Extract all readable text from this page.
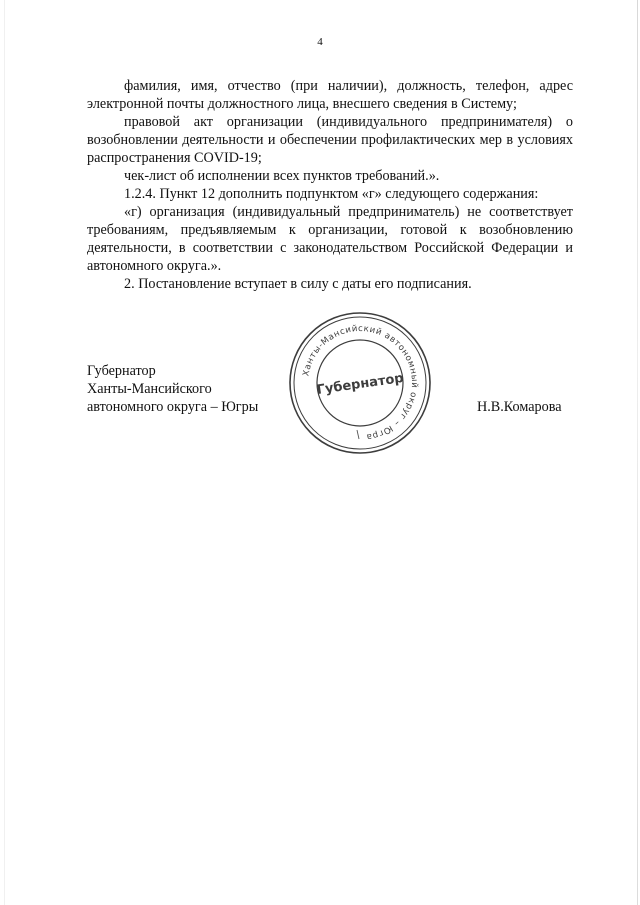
4

фамилия, имя, отчество (при наличии), должность, телефон, адрес электронной почты должностного лица, внесшего сведения в Систему;

правовой акт организации (индивидуального предпринимателя) о возобновлении деятельности и обеспечении профилактических мер в условиях распространения COVID-19;

чек-лист об исполнении всех пунктов требований.».

1.2.4. Пункт 12 дополнить подпунктом «г» следующего содержания:

«г) организация (индивидуальный предприниматель) не соответствует требованиям, предъявляемым к организации, готовой к возобновлению деятельности, в соответствии с законодательством Российской Федерации и автономного округа.».

2. Постановление вступает в силу с даты его подписания.

Губернатор
Ханты-Мансийского
автономного округа – Югры
Ханты-Мансийский автономный округ – Югра
Губернатор
Н.В.Комарова
